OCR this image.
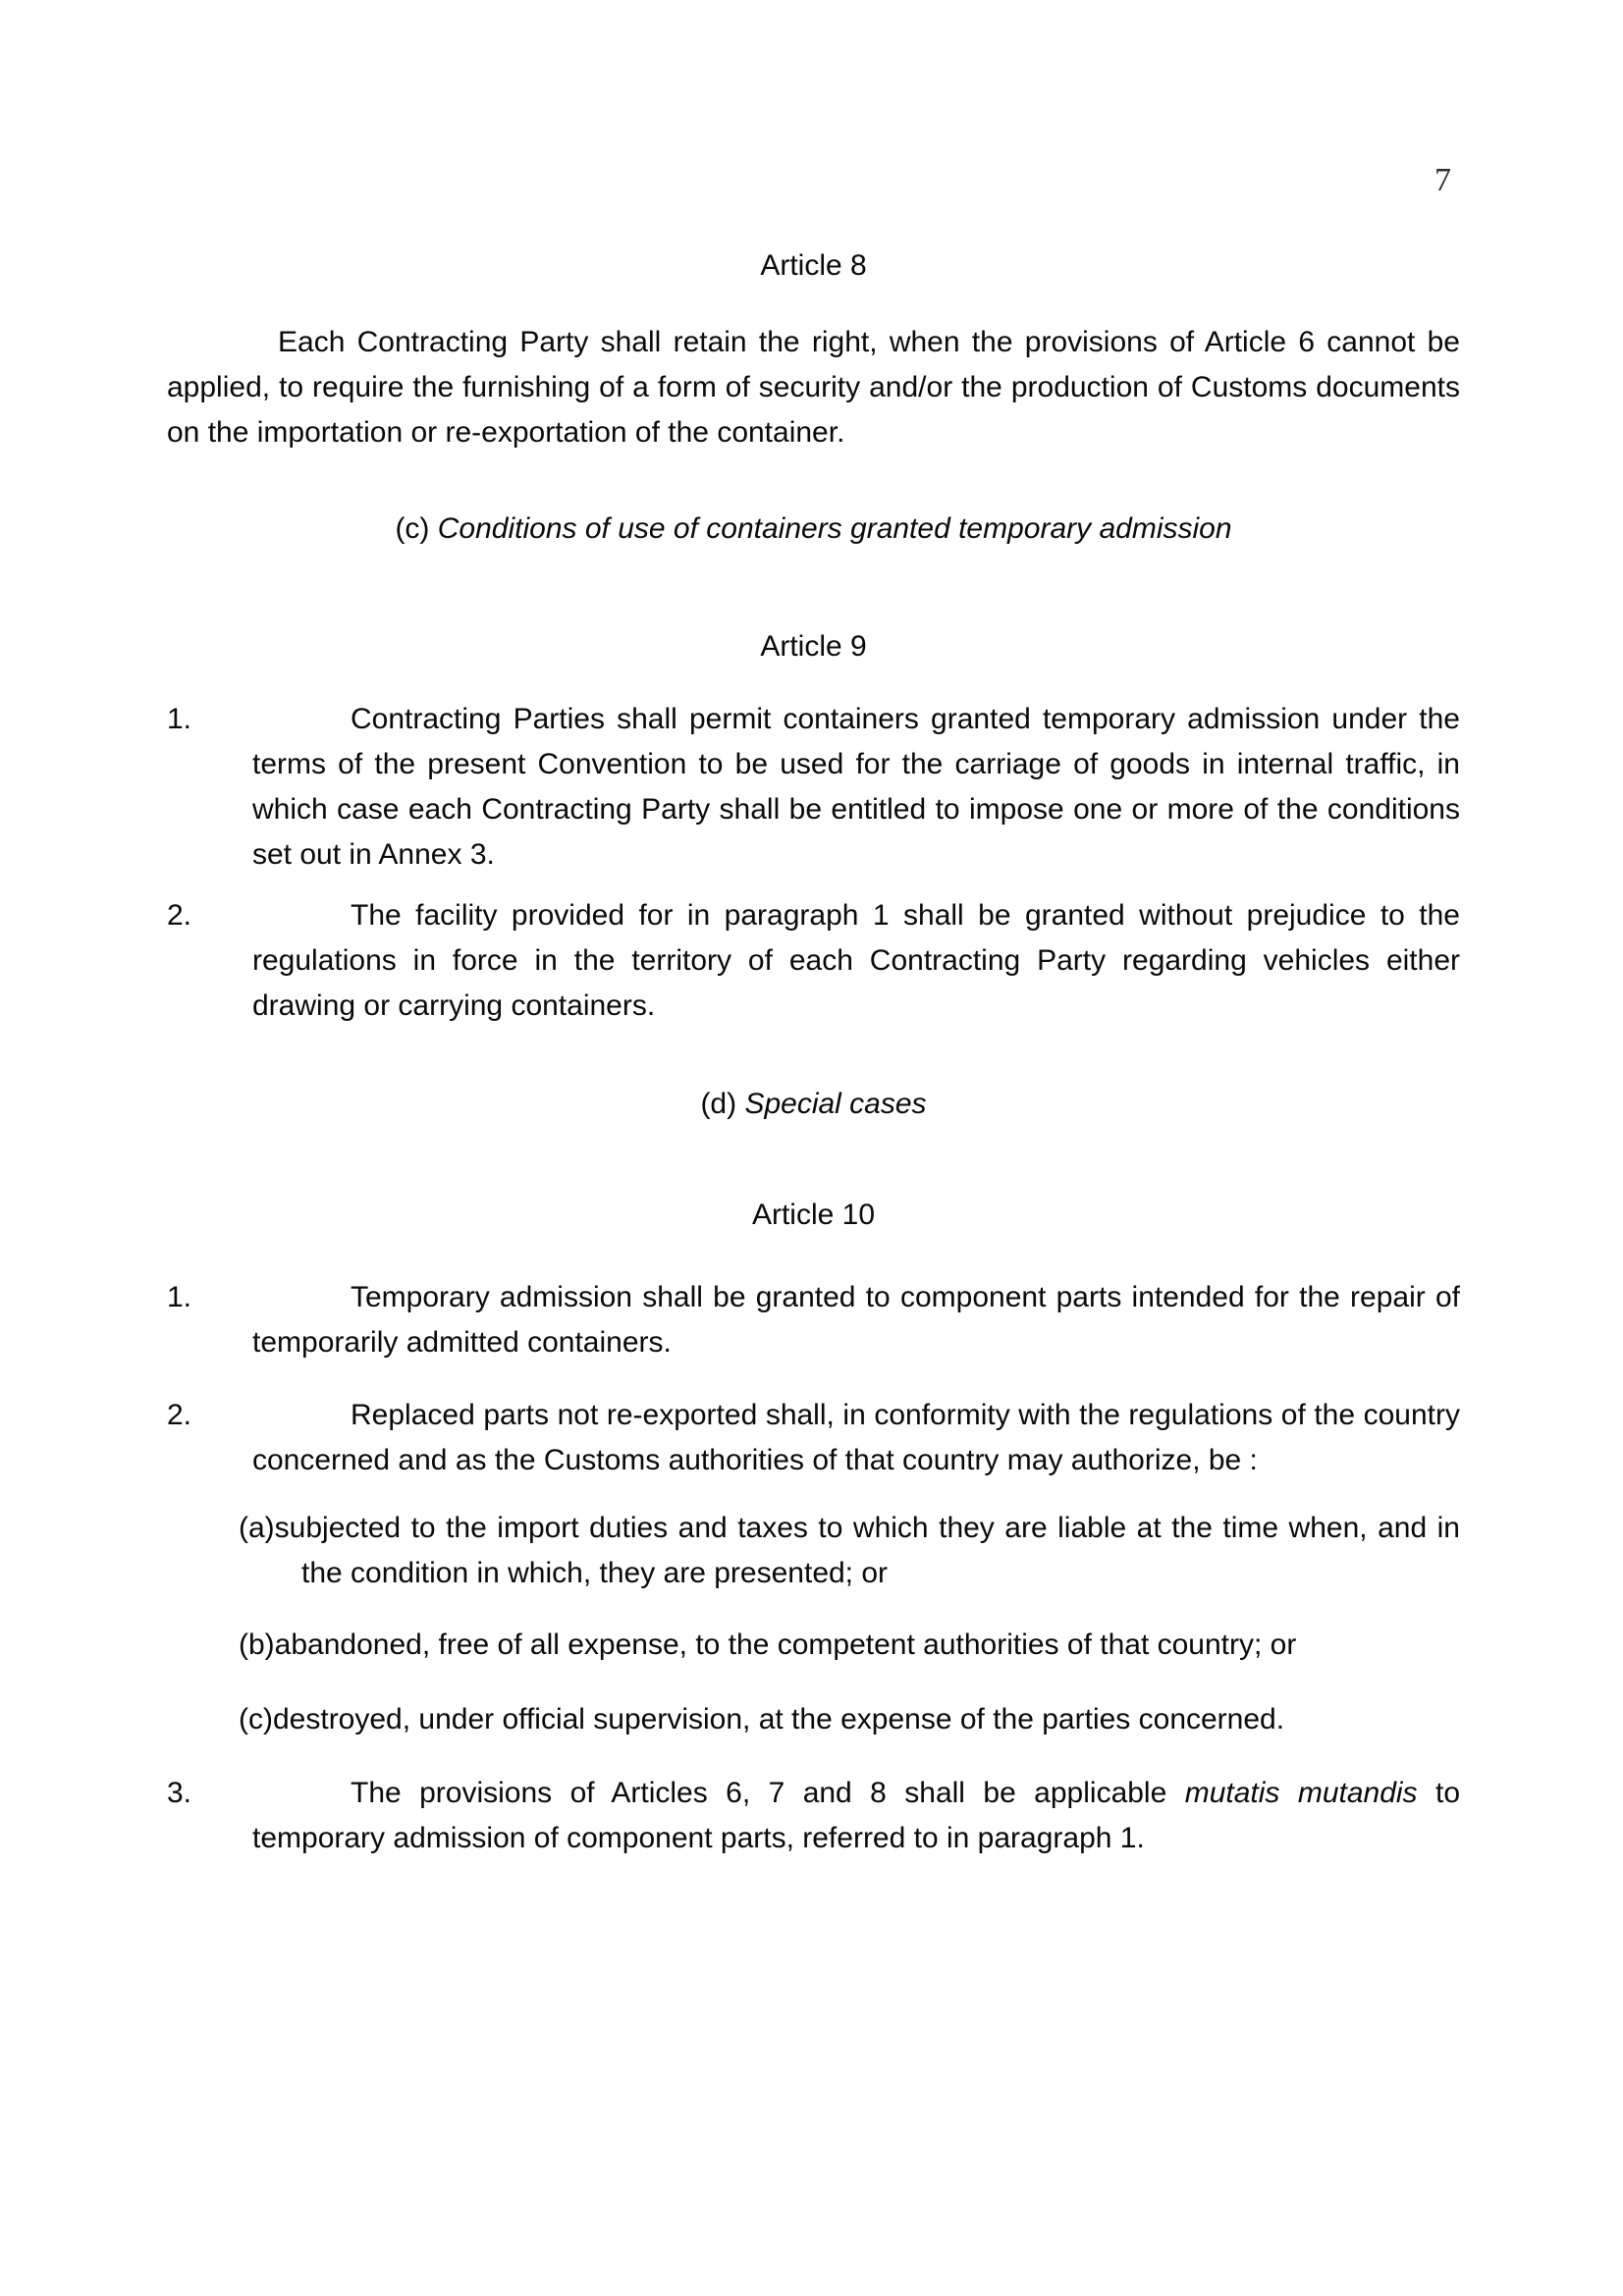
7
Article 8

Each Contracting Party shall retain the right, when the provisions of Article 6 cannot be applied, to require the furnishing of a form of security and/or the production of Customs documents on the importation or re-exportation of the container.

(c) Conditions of use of containers granted temporary admission
Article 9
1.	Contracting Parties shall permit containers granted temporary admission under the terms of the present Convention to be used for the carriage of goods in internal traffic, in which case each Contracting Party shall be entitled to impose one or more of the conditions set out in Annex 3.
2.	The facility provided for in paragraph 1 shall be granted without prejudice to the regulations in force in the territory of each Contracting Party regarding vehicles either drawing or carrying containers.
(d) Special cases
Article 10
1.	Temporary admission shall be granted to component parts intended for the repair of temporarily admitted containers.
2.	Replaced parts not re-exported shall, in conformity with the regulations of the country concerned and as the Customs authorities of that country may authorize, be :
(a)subjected to the import duties and taxes to which they are liable at the time when, and in the condition in which, they are presented; or
(b)abandoned, free of all expense, to the competent authorities of that country; or
(c)destroyed, under official supervision, at the expense of the parties concerned.
3.	The provisions of Articles 6, 7 and 8 shall be applicable mutatis mutandis to temporary admission of component parts, referred to in paragraph 1.
